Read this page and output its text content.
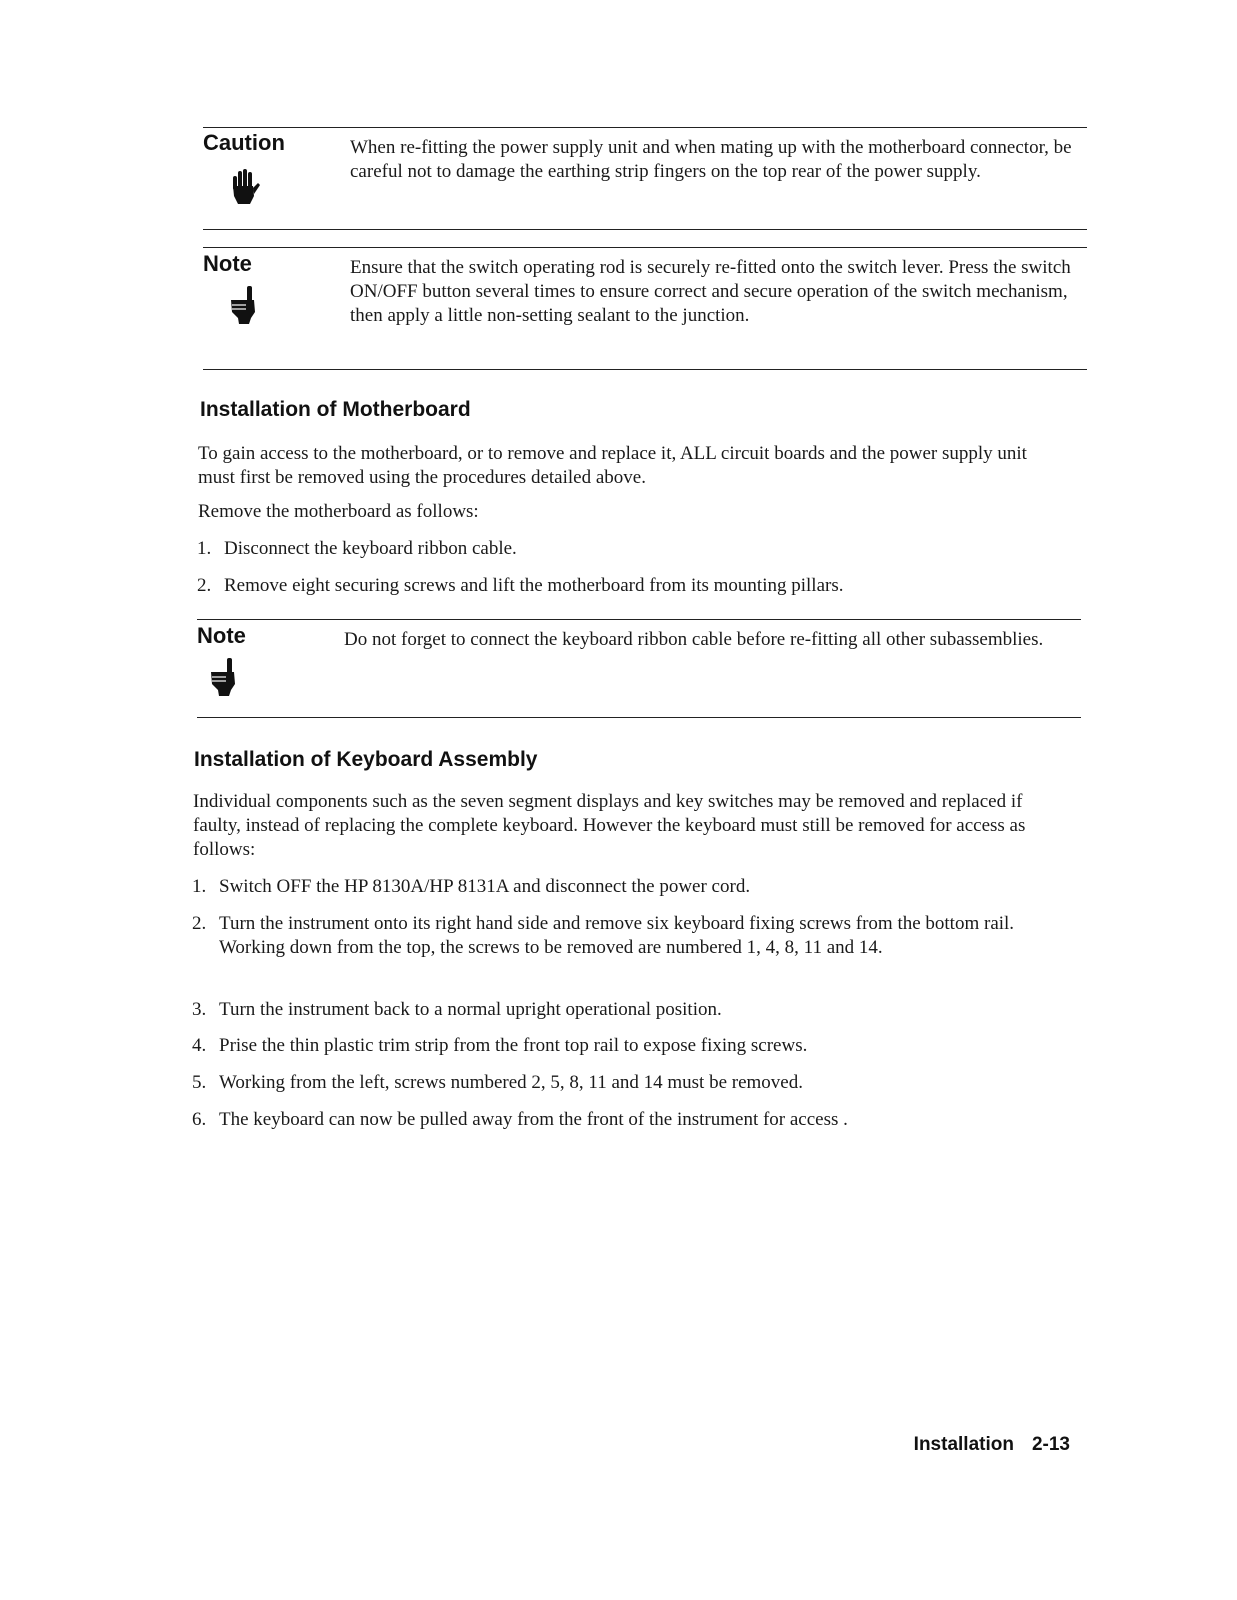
Caution	When re-fitting the power supply unit and when mating up with the motherboard connector, be careful not to damage the earthing strip fingers on the top rear of the power supply.
Note	Ensure that the switch operating rod is securely re-fitted onto the switch lever. Press the switch ON/OFF button several times to ensure correct and secure operation of the switch mechanism, then apply a little non-setting sealant to the junction.
Installation of Motherboard

To gain access to the motherboard, or to remove and replace it, ALL circuit boards and the power supply unit must first be removed using the procedures detailed above.

Remove the motherboard as follows:

1. Disconnect the keyboard ribbon cable.
2. Remove eight securing screws and lift the motherboard from its mounting pillars.
Note	Do not forget to connect the keyboard ribbon cable before re-fitting all other subassemblies.
Installation of Keyboard Assembly

Individual components such as the seven segment displays and key switches may be removed and replaced if faulty, instead of replacing the complete keyboard. However the keyboard must still be removed for access as follows:

1. Switch OFF the HP 8130A/HP 8131A and disconnect the power cord.
2. Turn the instrument onto its right hand side and remove six keyboard fixing screws from the bottom rail. Working down from the top, the screws to be removed are numbered 1, 4, 8, 11 and 14.
3. Turn the instrument back to a normal upright operational position.
4. Prise the thin plastic trim strip from the front top rail to expose fixing screws.
5. Working from the left, screws numbered 2, 5, 8, 11 and 14 must be removed.
6. The keyboard can now be pulled away from the front of the instrument for access .
Installation 2-13
